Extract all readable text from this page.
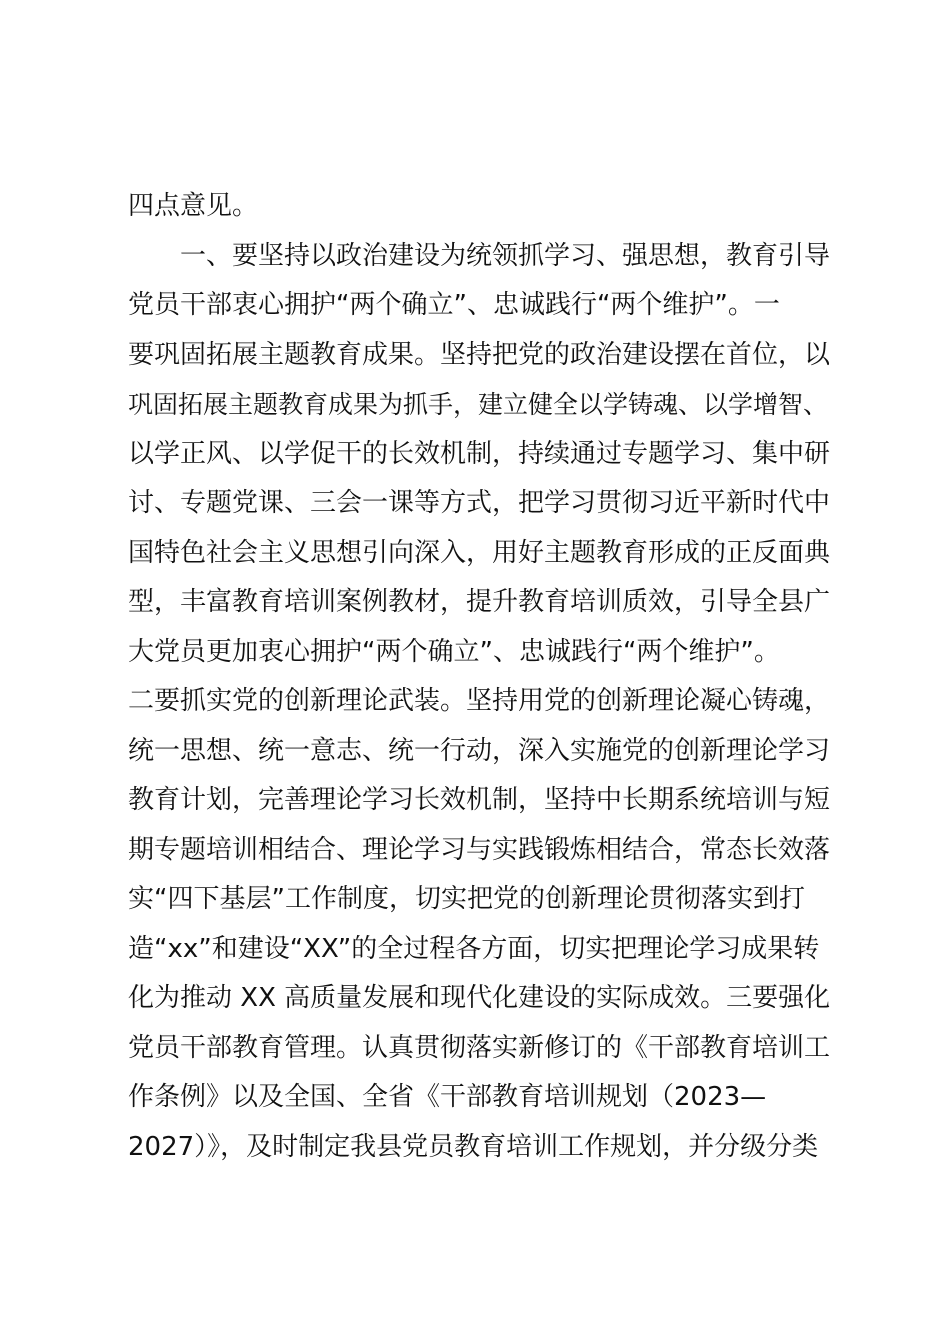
四点意见。
　　一、要坚持以政治建设为统领抓学习、强思想，教育引导
党员干部衷心拥护“两个确立”、忠诚践行“两个维护”。一
要巩固拓展主题教育成果。坚持把党的政治建设摆在首位，以
巩固拓展主题教育成果为抓手，建立健全以学铸魂、以学增智、
以学正风、以学促干的长效机制，持续通过专题学习、集中研
讨、专题党课、三会一课等方式，把学习贯彻习近平新时代中
国特色社会主义思想引向深入，用好主题教育形成的正反面典
型，丰富教育培训案例教材，提升教育培训质效，引导全县广
大党员更加衷心拥护“两个确立”、忠诚践行“两个维护”。
二要抓实党的创新理论武装。坚持用党的创新理论凝心铸魂，
统一思想、统一意志、统一行动，深入实施党的创新理论学习
教育计划，完善理论学习长效机制，坚持中长期系统培训与短
期专题培训相结合、理论学习与实践锻炼相结合，常态长效落
实“四下基层”工作制度，切实把党的创新理论贯彻落实到打
造“xx”和建设“XX”的全过程各方面，切实把理论学习成果转
化为推动 XX 高质量发展和现代化建设的实际成效。三要强化
党员干部教育管理。认真贯彻落实新修订的《干部教育培训工
作条例》以及全国、全省《干部教育培训规划（2023—
2027）》，及时制定我县党员教育培训工作规划，并分级分类
